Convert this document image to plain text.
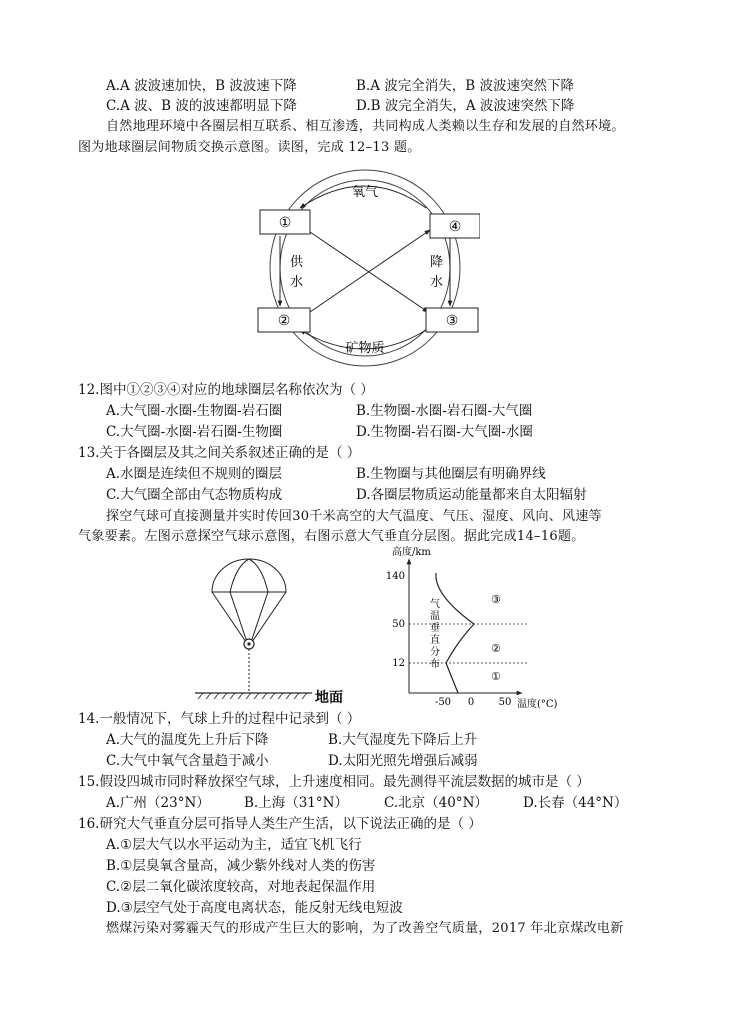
A.A 波波速加快，B 波波速下降	B.A 波完全消失，B 波波速突然下降
C.A 波、B 波的波速都明显下降	D.B 波完全消失，A 波波速突然下降
自然地理环境中各圈层相互联系、相互渗透，共同构成人类赖以生存和发展的自然环境。
图为地球圈层间物质交换示意图。读图，完成 12–13 题。
①	④
②	③
氧气
矿物质
供
水
降
水
12.图中①②③④对应的地球圈层名称依次为（ ）
A.大气圈-水圈-生物圈-岩石圈	B.生物圈-水圈-岩石圈-大气圈
C.大气圈-水圈-岩石圈-生物圈	D.生物圈-岩石圈-大气圈-水圈
13.关于各圈层及其之间关系叙述正确的是（ ）
A.水圈是连续但不规则的圈层	B.生物圈与其他圈层有明确界线
C.大气圈全部由气态物质构成	D.各圈层物质运动能量都来自太阳辐射
探空气球可直接测量并实时传回30千米高空的大气温度、气压、湿度、风向、风速等
气象要素。左图示意探空气球示意图，右图示意大气垂直分层图。据此完成14–16题。
地面
高度/km
140
50
12
-50 0 50 温度(°C)
气
温
垂
直
分
布
③
②
①
14.一般情况下，气球上升的过程中记录到（ ）
A.大气的温度先上升后下降	B.大气湿度先下降后上升
C.大气中氧气含量趋于减小	D.太阳光照先增强后减弱
15.假设四城市同时释放探空气球，上升速度相同。最先测得平流层数据的城市是（ ）
A.广州（23°N）	B.上海（31°N）	C.北京（40°N）	D.长春（44°N）
16.研究大气垂直分层可指导人类生产生活，以下说法正确的是（ ）
A.①层大气以水平运动为主，适宜飞机飞行
B.①层臭氧含量高，减少紫外线对人类的伤害
C.②层二氧化碳浓度较高，对地表起保温作用
D.③层空气处于高度电离状态，能反射无线电短波
燃煤污染对雾霾天气的形成产生巨大的影响，为了改善空气质量，2017 年北京煤改电新
